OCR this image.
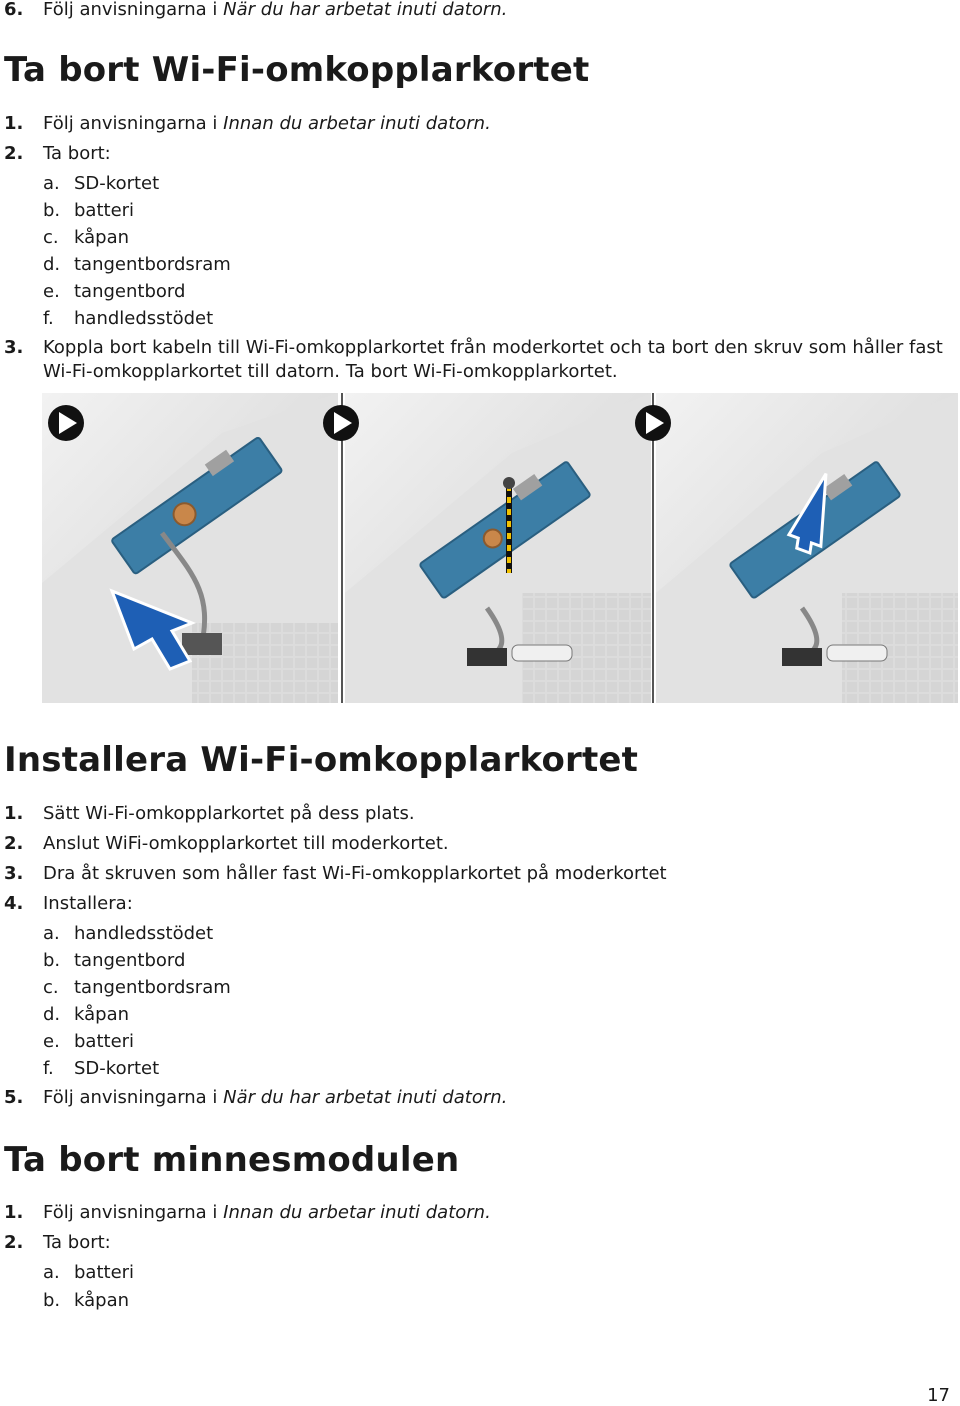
6. Följ anvisningarna i När du har arbetat inuti datorn.
Ta bort Wi-Fi-omkopplarkortet
1. Följ anvisningarna i Innan du arbetar inuti datorn.
2. Ta bort:
a. SD-kortet
b. batteri
c. kåpan
d. tangentbordsram
e. tangentbord
f. handledsstödet
3. Koppla bort kabeln till Wi-Fi-omkopplarkortet från moderkortet och ta bort den skruv som håller fast
Wi-Fi-omkopplarkortet till datorn. Ta bort Wi-Fi-omkopplarkortet.
Installera Wi-Fi-omkopplarkortet
1. Sätt Wi-Fi-omkopplarkortet på dess plats.
2. Anslut WiFi-omkopplarkortet till moderkortet.
3. Dra åt skruven som håller fast Wi-Fi-omkopplarkortet på moderkortet
4. Installera:
a. handledsstödet
b. tangentbord
c. tangentbordsram
d. kåpan
e. batteri
f. SD-kortet
5. Följ anvisningarna i När du har arbetat inuti datorn.
Ta bort minnesmodulen
1. Följ anvisningarna i Innan du arbetar inuti datorn.
2. Ta bort:
a. batteri
b. kåpan
17
